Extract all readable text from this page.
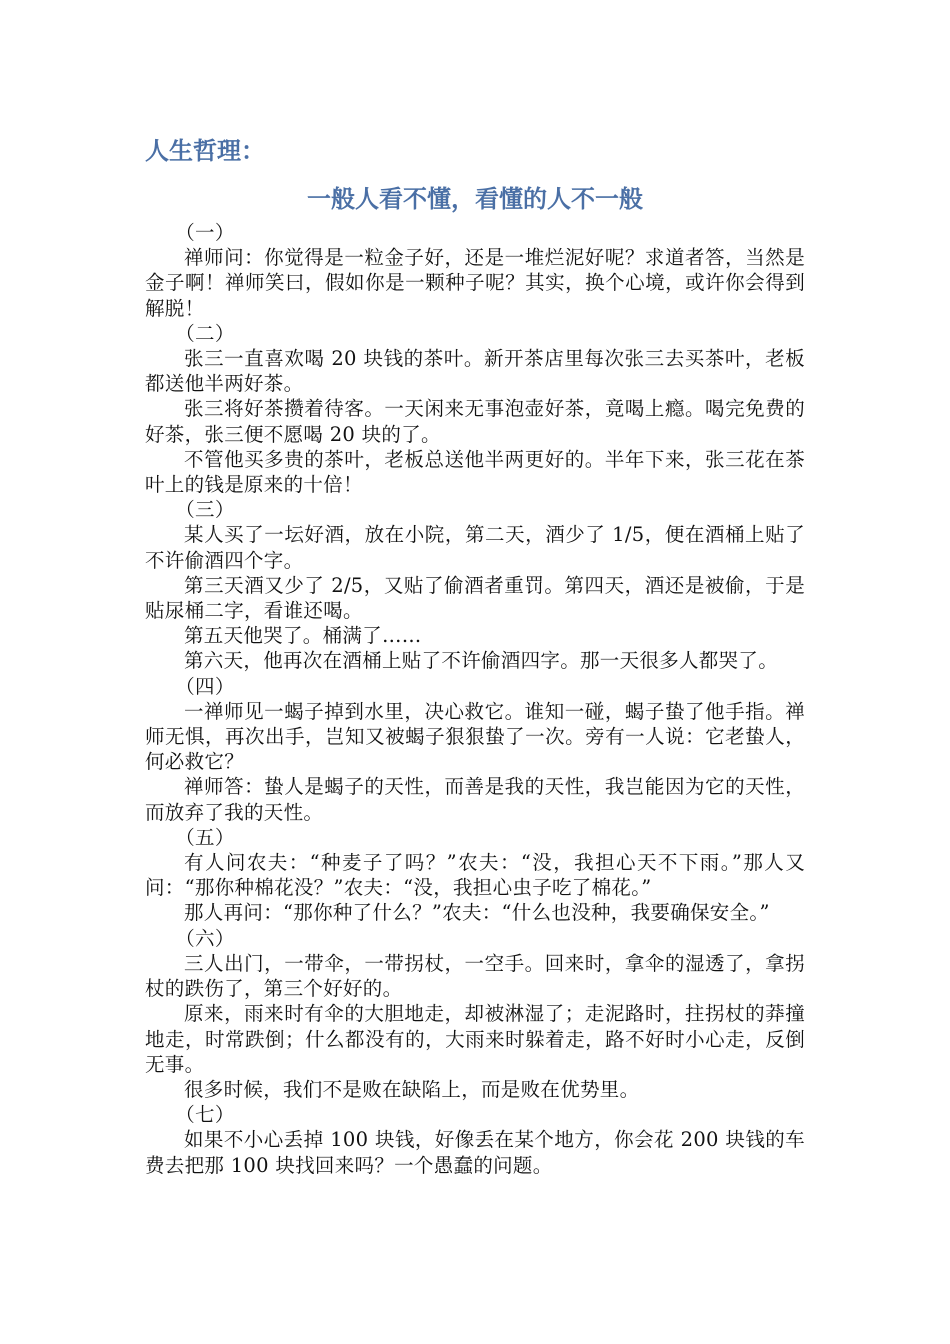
人生哲理：
一般人看不懂，看懂的人不一般

（一）

禅师问：你觉得是一粒金子好，还是一堆烂泥好呢？求道者答，当然是金子啊！禅师笑曰，假如你是一颗种子呢？其实，换个心境，或许你会得到解脱！

（二）

张三一直喜欢喝 20 块钱的茶叶。新开茶店里每次张三去买茶叶，老板都送他半两好茶。

张三将好茶攒着待客。一天闲来无事泡壶好茶，竟喝上瘾。喝完免费的好茶，张三便不愿喝 20 块的了。

不管他买多贵的茶叶，老板总送他半两更好的。半年下来，张三花在茶叶上的钱是原来的十倍！

（三）

某人买了一坛好酒，放在小院，第二天，酒少了 1/5，便在酒桶上贴了不许偷酒四个字。

第三天酒又少了 2/5，又贴了偷酒者重罚。第四天，酒还是被偷，于是贴尿桶二字，看谁还喝。

第五天他哭了。桶满了……

第六天，他再次在酒桶上贴了不许偷酒四字。那一天很多人都哭了。

（四）

一禅师见一蝎子掉到水里，决心救它。谁知一碰，蝎子蛰了他手指。禅师无惧，再次出手，岂知又被蝎子狠狠蛰了一次。旁有一人说：它老蛰人，何必救它？

禅师答：蛰人是蝎子的天性，而善是我的天性，我岂能因为它的天性，而放弃了我的天性。

（五）

有人问农夫：“种麦子了吗？”农夫：“没，我担心天不下雨。”那人又问：“那你种棉花没？”农夫：“没，我担心虫子吃了棉花。”

那人再问：“那你种了什么？”农夫：“什么也没种，我要确保安全。”

（六）

三人出门，一带伞，一带拐杖，一空手。回来时，拿伞的湿透了，拿拐杖的跌伤了，第三个好好的。

原来，雨来时有伞的大胆地走，却被淋湿了；走泥路时，拄拐杖的莽撞地走，时常跌倒；什么都没有的，大雨来时躲着走，路不好时小心走，反倒无事。

很多时候，我们不是败在缺陷上，而是败在优势里。

（七）

如果不小心丢掉 100 块钱，好像丢在某个地方，你会花 200 块钱的车费去把那 100 块找回来吗？一个愚蠢的问题。
